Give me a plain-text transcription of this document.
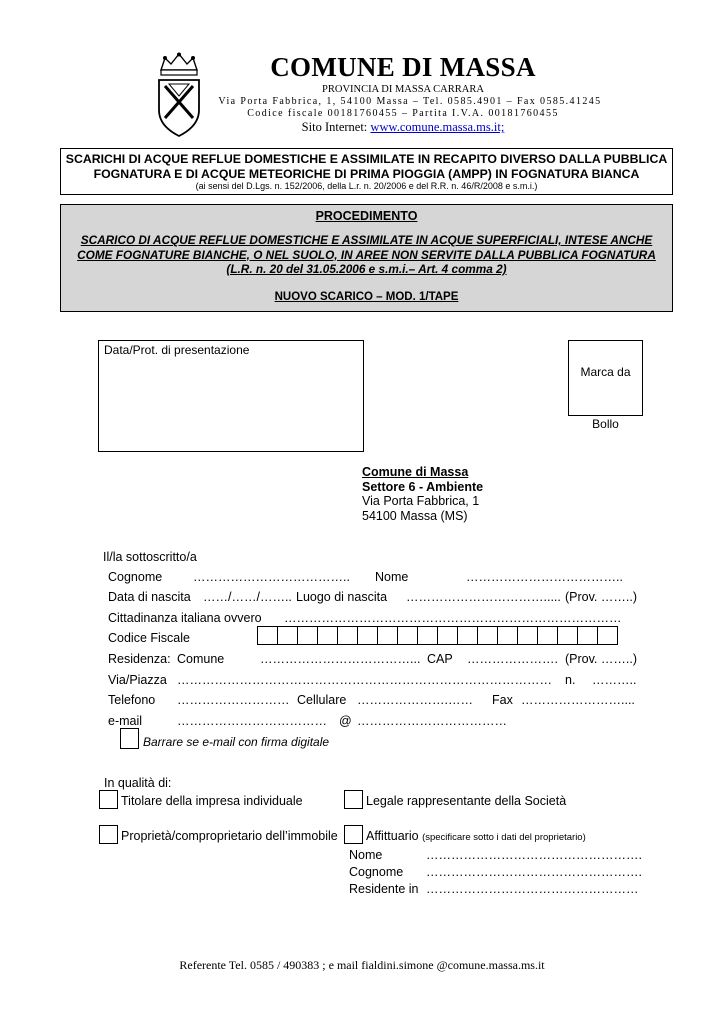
COMUNE DI MASSA
PROVINCIA DI MASSA CARRARA
Via Porta Fabbrica, 1, 54100 Massa – Tel. 0585.4901 – Fax 0585.41245
Codice fiscale 00181760455 – Partita I.V.A. 00181760455
Sito Internet: www.comune.massa.ms.it;
SCARICHI DI ACQUE REFLUE DOMESTICHE E ASSIMILATE IN RECAPITO DIVERSO DALLA PUBBLICA
FOGNATURA E DI ACQUE METEORICHE DI PRIMA PIOGGIA (AMPP) IN FOGNATURA BIANCA
(ai sensi del D.Lgs. n. 152/2006, della L.r. n. 20/2006 e del R.R. n. 46/R/2008 e s.m.i.)
PROCEDIMENTO
SCARICO DI ACQUE REFLUE DOMESTICHE E ASSIMILATE IN ACQUE SUPERFICIALI, INTESE ANCHE
COME FOGNATURE BIANCHE, O NEL SUOLO, IN AREE NON SERVITE DALLA PUBBLICA FOGNATURA
(L.R. n. 20 del 31.05.2006 e s.m.i.– Art. 4 comma 2)
NUOVO SCARICO – MOD. 1/TAPE
Data/Prot. di presentazione
Marca da

Bollo
Comune di Massa
Settore 6 - Ambiente
Via Porta Fabbrica, 1
54100 Massa (MS)
Il/la sottoscritto/a
Cognome ……………………………….. Nome	………………………………..
Data di nascita ……/……/…….. Luogo di nascita ……………………………..... (Prov. ……..)
Cittadinanza italiana ovvero ………………………………………………………………………
Codice Fiscale
Residenza: Comune	………………………………... CAP …………………. (Prov. ……..)
Via/Piazza ……………………………………………………………………………… n. ………..
Telefono ……………………… Cellulare ………………….…… Fax ……………………....
e-mail	……………………………… @ ………………………………
Barrare se e-mail con firma digitale
In qualità di:
Titolare della impresa individuale	Legale rappresentante della Società
Proprietà/comproprietario dell’immobile Affittuario (specificare sotto i dati del proprietario)
Nome	…………………………………………….
Cognome …………………………………………….
Residente in ……………………………………………
Referente Tel. 0585 / 490383 ; e mail fialdini.simone @comune.massa.ms.it
